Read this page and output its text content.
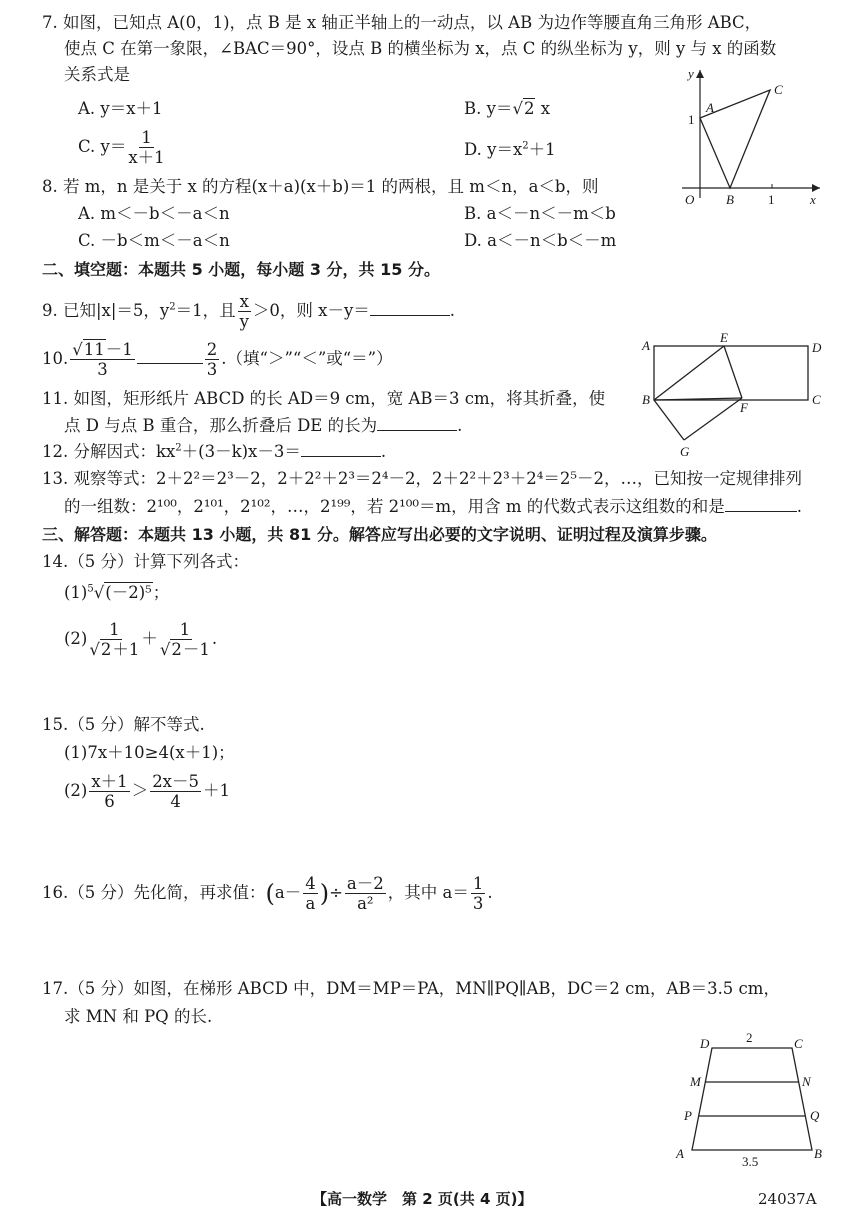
7. 如图，已知点 A(0，1)，点 B 是 x 轴正半轴上的一动点，以 AB 为边作等腰直角三角形 ABC，
使点 C 在第一象限，∠BAC＝90°，设点 B 的横坐标为 x，点 C 的纵坐标为 y，则 y 与 x 的函数
关系式是
A. y＝x＋1	B. y＝√2 x
C. $y= \frac{1}{x+1}$	D. $y=x^2+1$
A
C
B
O	x
y
1
1
8. 若 m，n 是关于 x 的方程(x＋a)(x＋b)＝1 的两根，且 m＜n，a＜b，则
A. m＜－b＜－a＜n	B. a＜－n＜－m＜b
C. －b＜m＜－a＜n	D. a＜－n＜b＜－m
二、填空题：本题共 5 小题，每小题 3 分，共 15 分。
9. 已知|x|＝5，$y^2=1$，且 $\frac{x}{y} >0$，则 x－y＝	.
10. $\frac{√11-1}{3}$	$\frac{2}{3}$ .（填“＞”“＜”或“＝”）
A
E
D
B
F
C
G
11. 如图，矩形纸片 ABCD 的长 AD＝9 cm，宽 AB＝3 cm，将其折叠，使
点 D 与点 B 重合，那么折叠后 DE 的长为	.
12. 分解因式：$kx^2+(3-k)x-3=$	.
13. 观察等式：2＋2²＝2³－2，2＋2²＋2³＝2⁴－2，2＋2²＋2³＋2⁴＝2⁵－2，…，已知按一定规律排列
的一组数：2¹⁰⁰，2¹⁰¹，2¹⁰²，…，2¹⁹⁹，若 2¹⁰⁰＝m，用含 m 的代数式表示这组数的和是	.
三、解答题：本题共 13 小题，共 81 分。解答应写出必要的文字说明、证明过程及演算步骤。
14.（5 分）计算下列各式：
$(1)^5√(-2)^5$；
$(2) \frac{1}{√2+1} + \frac{1}{√2-1}$ .
15.（5 分）解不等式.
(1)7x＋10≥4(x＋1)；
$(2) \frac{x+1}{6} > \frac{2x-5}{4} +1$
16.（5 分）先化简，再求值：($a- \frac{4}{a}$ )÷ $\frac{a-2}{\text{a²}}$ ，其中 $a= \frac{1}{3}$ .
17.（5 分）如图，在梯形 ABCD 中，DM＝MP＝PA，MN∥PQ∥AB，DC＝2 cm，AB＝3.5 cm，
求 MN 和 PQ 的长.
D	C
M	N
P	Q
A	B
2
3.5
【高一数学　第 2 页(共 4 页)】	24037A
